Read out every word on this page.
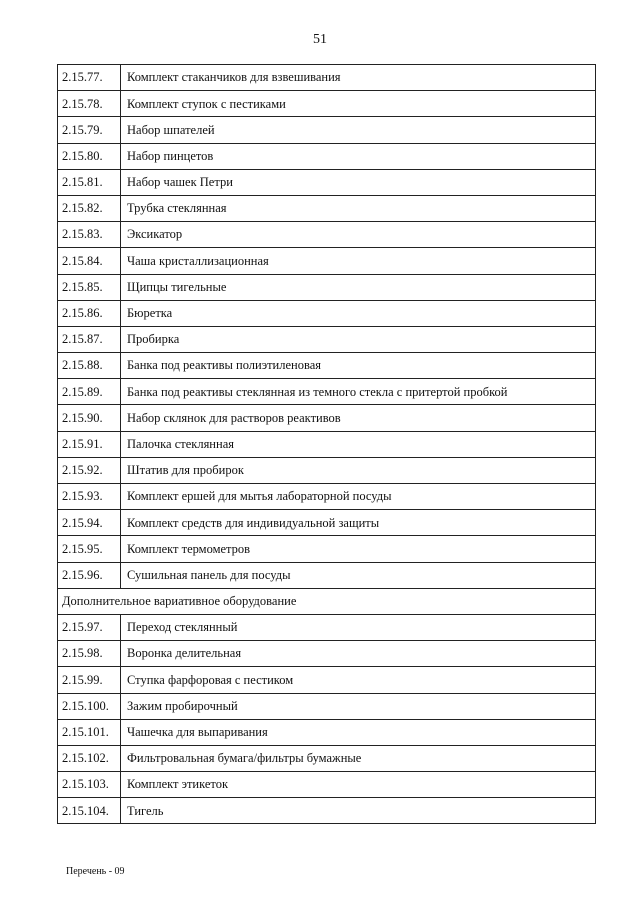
51
2.15.77.	Комплект стаканчиков для взвешивания
2.15.78.	Комплект ступок с пестиками
2.15.79.	Набор шпателей
2.15.80.	Набор пинцетов
2.15.81.	Набор чашек Петри
2.15.82.	Трубка стеклянная
2.15.83.	Эксикатор
2.15.84.	Чаша кристаллизационная
2.15.85.	Щипцы тигельные
2.15.86.	Бюретка
2.15.87.	Пробирка
2.15.88.	Банка под реактивы полиэтиленовая
2.15.89.	Банка под реактивы стеклянная из темного стекла с притертой пробкой
2.15.90.	Набор склянок для растворов реактивов
2.15.91.	Палочка стеклянная
2.15.92.	Штатив для пробирок
2.15.93.	Комплект ершей для мытья лабораторной посуды
2.15.94.	Комплект средств для индивидуальной защиты
2.15.95.	Комплект термометров
2.15.96.	Сушильная панель для посуды
Дополнительное вариативное оборудование	
2.15.97.	Переход стеклянный
2.15.98.	Воронка делительная
2.15.99.	Ступка фарфоровая с пестиком
2.15.100.	Зажим пробирочный
2.15.101.	Чашечка для выпаривания
2.15.102.	Фильтровальная бумага/фильтры бумажные
2.15.103.	Комплект этикеток
2.15.104.	Тигель
Перечень - 09
